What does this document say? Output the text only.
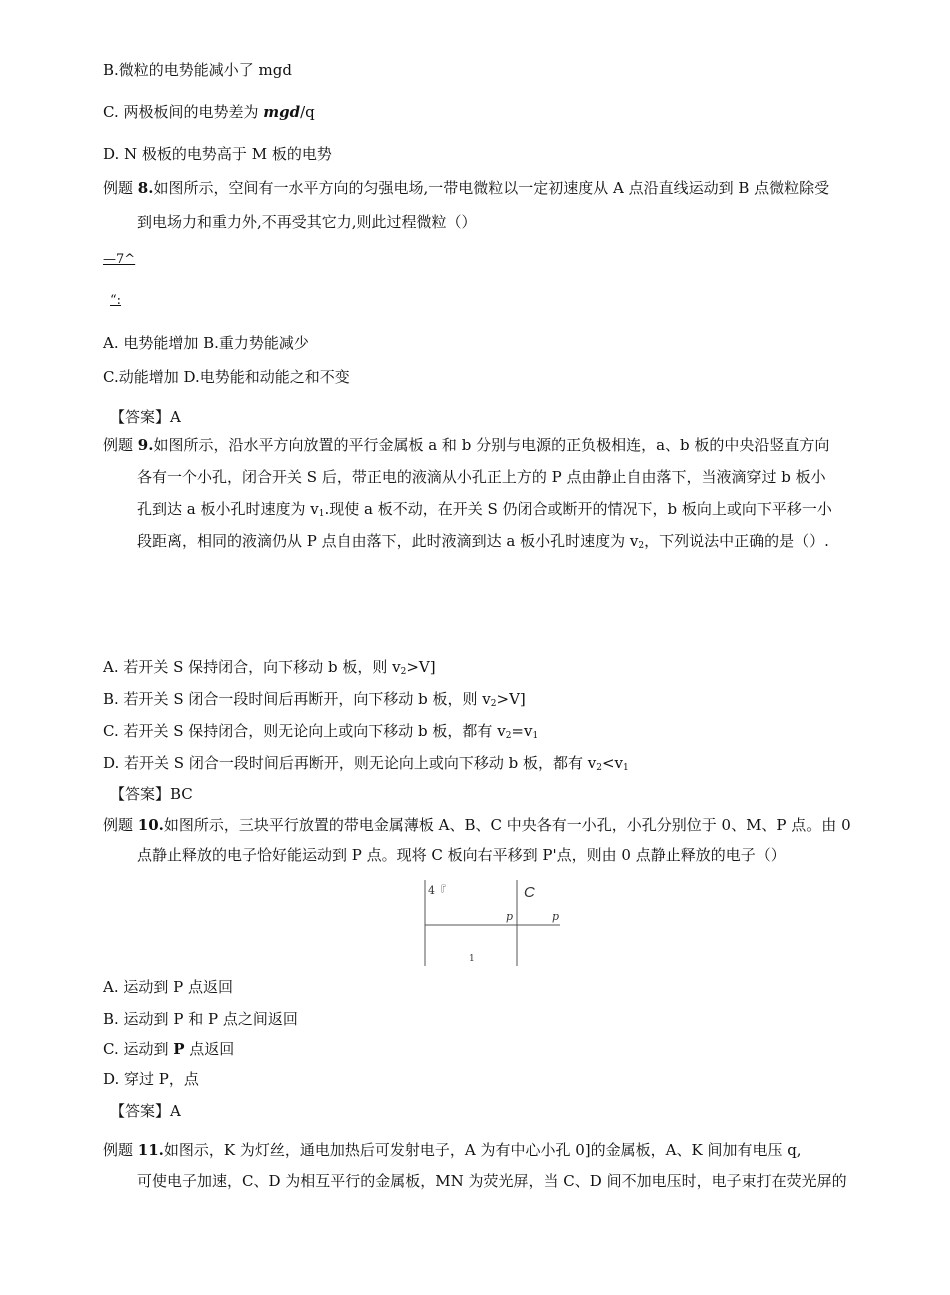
B.微粒的电势能减小了 mgd
C. 两极板间的电势差为 mgd/q
D. N 极板的电势高于 M 板的电势
例题 8.如图所示，空间有一水平方向的匀强电场,一带电微粒以一定初速度从 A 点沿直线运动到 B 点微粒除受
到电场力和重力外,不再受其它力,则此过程微粒（）
—7^
“:
A. 电势能增加 B.重力势能减少
C.动能增加 D.电势能和动能之和不变
【答案】A
例题 9.如图所示，沿水平方向放置的平行金属板 a 和 b 分别与电源的正负极相连，a、b 板的中央沿竖直方向
各有一个小孔，闭合开关 S 后，带正电的液滴从小孔正上方的 P 点由静止自由落下，当液滴穿过 b 板小
孔到达 a 板小孔时速度为 $v_1$.现使 a 板不动，在开关 S 仍闭合或断开的情况下，b 板向上或向下平移一小
段距离，相同的液滴仍从 P 点自由落下，此时液滴到达 a 板小孔时速度为 $v_2$，下列说法中正确的是（）.
A. 若开关 S 保持闭合，向下移动 b 板，则 $v_2>V$]
B. 若开关 S 闭合一段时间后再断开，向下移动 b 板，则 $v_2>V$]
C. 若开关 S 保持闭合，则无论向上或向下移动 b 板，都有 $v_2=v_1$
D. 若开关 S 闭合一段时间后再断开，则无论向上或向下移动 b 板，都有 $v_2<v_1$
【答案】BC
例题 10.如图所示，三块平行放置的带电金属薄板 A、B、C 中央各有一小孔，小孔分别位于 0、M、P 点。由 0
点静止释放的电子恰好能运动到 P 点。现将 C 板向右平移到 P'点，则由 0 点静止释放的电子（）
4『	C
p	p
1
A. 运动到 P 点返回
B. 运动到 P 和 P 点之间返回
C. 运动到 P 点返回
D. 穿过 P，点
【答案】A
例题 11.如图示，K 为灯丝，通电加热后可发射电子，A 为有中心小孔 0]的金属板，A、K 间加有电压 q,
可使电子加速，C、D 为相互平行的金属板，MN 为荧光屏，当 C、D 间不加电压时，电子束打在荧光屏的
